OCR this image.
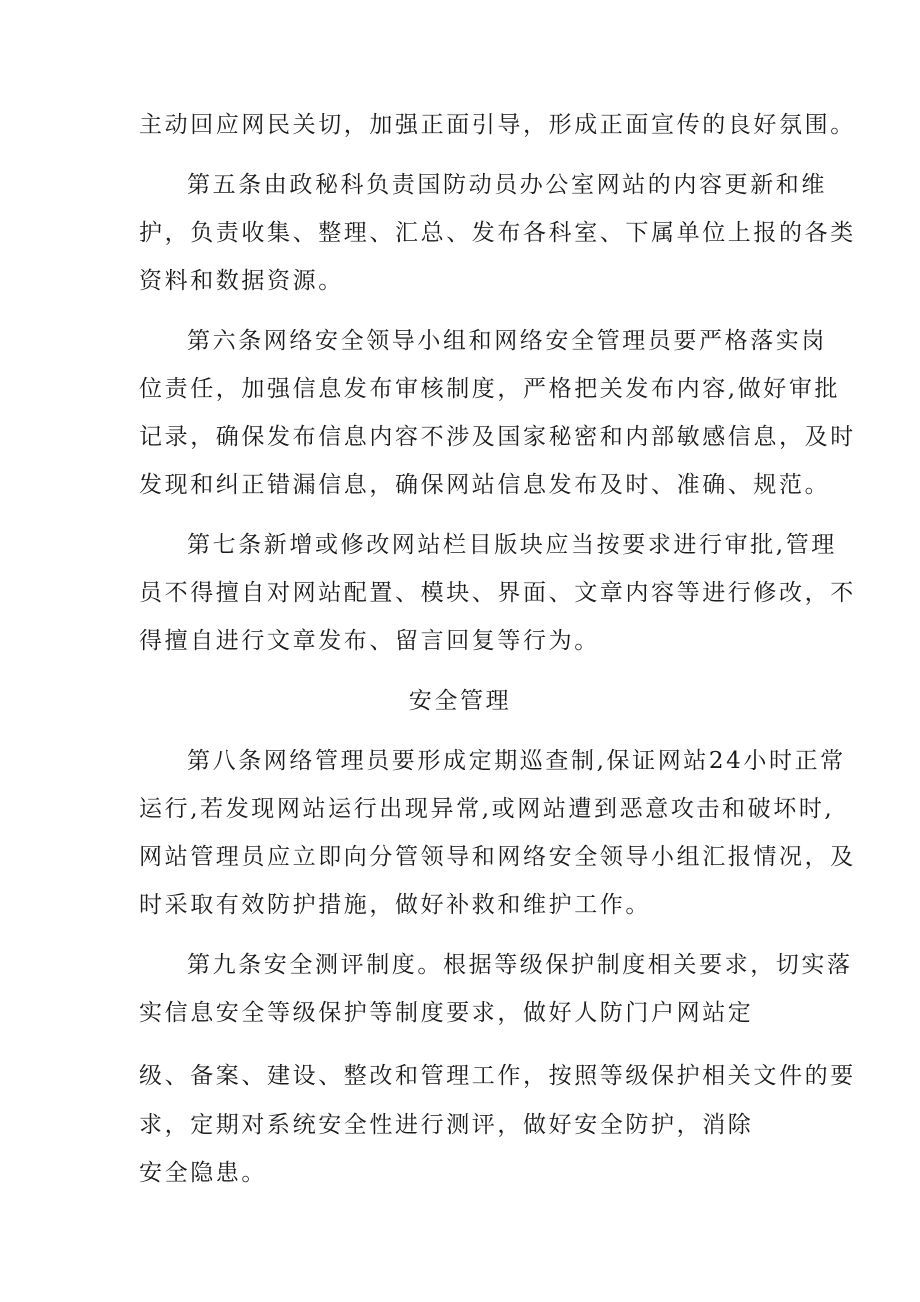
主动回应网民关切，加强正面引导，形成正面宣传的良好氛围。
第五条由政秘科负责国防动员办公室网站的内容更新和维
护，负责收集、整理、汇总、发布各科室、下属单位上报的各类
资料和数据资源。
第六条网络安全领导小组和网络安全管理员要严格落实岗
位责任，加强信息发布审核制度，严格把关发布内容,做好审批
记录，确保发布信息内容不涉及国家秘密和内部敏感信息，及时
发现和纠正错漏信息，确保网站信息发布及时、准确、规范。
第七条新增或修改网站栏目版块应当按要求进行审批,管理
员不得擅自对网站配置、模块、界面、文章内容等进行修改，不
得擅自进行文章发布、留言回复等行为。
安全管理
第八条网络管理员要形成定期巡查制,保证网站24小时正常
运行,若发现网站运行出现异常,或网站遭到恶意攻击和破坏时,
网站管理员应立即向分管领导和网络安全领导小组汇报情况，及
时采取有效防护措施，做好补救和维护工作。
第九条安全测评制度。根据等级保护制度相关要求，切实落
实信息安全等级保护等制度要求，做好人防门户网站定
级、备案、建设、整改和管理工作，按照等级保护相关文件的要
求，定期对系统安全性进行测评，做好安全防护，消除
安全隐患。
